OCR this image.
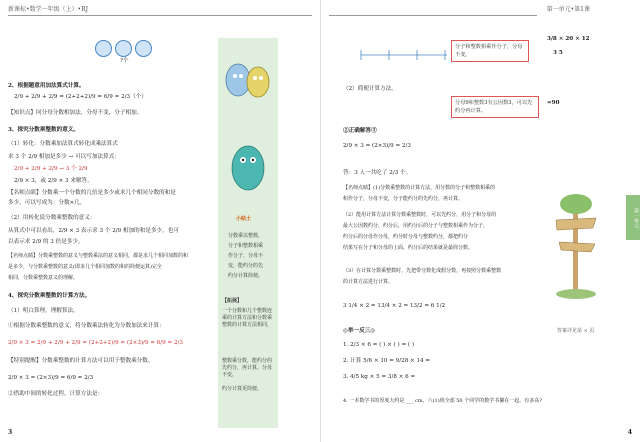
新课标•数学一年级（上）•RJ
?个
2、根据题意用加法算式计算。
2/9 + 2/9 + 2/9 = (2+2+2)/9 = 6/9 = 2/3（个）
【知识点】同分母分数相加法，分母不变，分子相加。
3、探究分数乘整数的意义。
（1）转化：分数乘加法算式转化成乘法算式
求 3 个 2/9 相加是多少 → 可以写加法算式：
2/9 + 2/9 + 2/9 → 3 个 2/9
2/9 × 3，或 2/9 × 3 来解答。
【名师点睛】分数乘一个分数的几倍是多少或求几个相同分数的和是
多少，可以写成为：分数×几。
（2）用转化说分数乘整数的意义：
从算式中可以看出，2/9 × 3 表示求 3 个 2/9 相加的和是多少，也可
以表示求 2/9 的 3 倍是多少。
【名师点睛】分数乘整数的意义与整数乘法的意义相同，都是求几个相同加数的和
是多少，与分数乘整数的意义(即求几个相同加数的和的简便运算)完全
相同，分数乘整数意义的理解。
4、探究分数乘整数的计算方法。
（1）明白算理，理解算法。
①根据分数乘整数的意义，将分数乘法转化为分数加法来计算：
2/9 × 3 = 2/9 + 2/9 + 2/9 = (2+2+2)/9 = (2×3)/9 = 6/9 = 2/3
【特别提醒】分数乘整数的计算方法可以用于整数乘分数。
2/9 × 3 = (2×3)/9 = 6/9 = 2/3
②借助中间的转化过程，计算方法是：
小贴士
分数乘以整数，
分子和整数相乘
作分子，分母不
变，能约分的先
约分计算简便。
【拓展】
一个分数和几个整数连乘的计算方法和分数乘整数的计算方法相同，
整数乘分数，能约分的先约分，再计算，分母不变，
约分计算更简便。
3
第一单元•第1课
分子和整数相乘作分子，分母不变。
（2）简便计算方法。
分母9和整数3有公因数3，可以先约分再计算。
②正确解答③
2/9 × 3 = (2×3)/9 = 2/3
答：3 人一共吃了 2/3 个。
【名师点睛】(1)分数乘整数的计算方法，用分数的分子和整数相乘的
积作分子，分母不变，分子能约分的先约分，再计算。
（2）能用计算方法计算分数乘整数时，可以先约分，用分子和分母的
最大公因数约分，约分后，用约分后的分子与整数相乘作为分子，
约分后的分母作分母，约分时分母与整数约分，都把约分
结果写在分子和分母的上面，约分后的结果就是最简分数。
（3）在计算分数乘整数时，先把带分数化成假分数，再按照分数乘整数
的计算方法进行计算。
3 1/4 × 2 = 13/4 × 2 = 13/2 = 6 1/2
◎举一反三◎
1. 2/3 × 6 = ( ) × ( ) = ( )
2. 计算 5/6 × 10 = 9/28 × 14 =
3. 4/5 kg × 5 = 3/8 × 6 =
4. 一本数学书的厚度大约是 ___ cm，六(1)班全部 50 个同学的数学书摞在一起，有多高?
3/8 × 20 × 12
3 5
=90
答案详见第 × 页
第一单元
4
